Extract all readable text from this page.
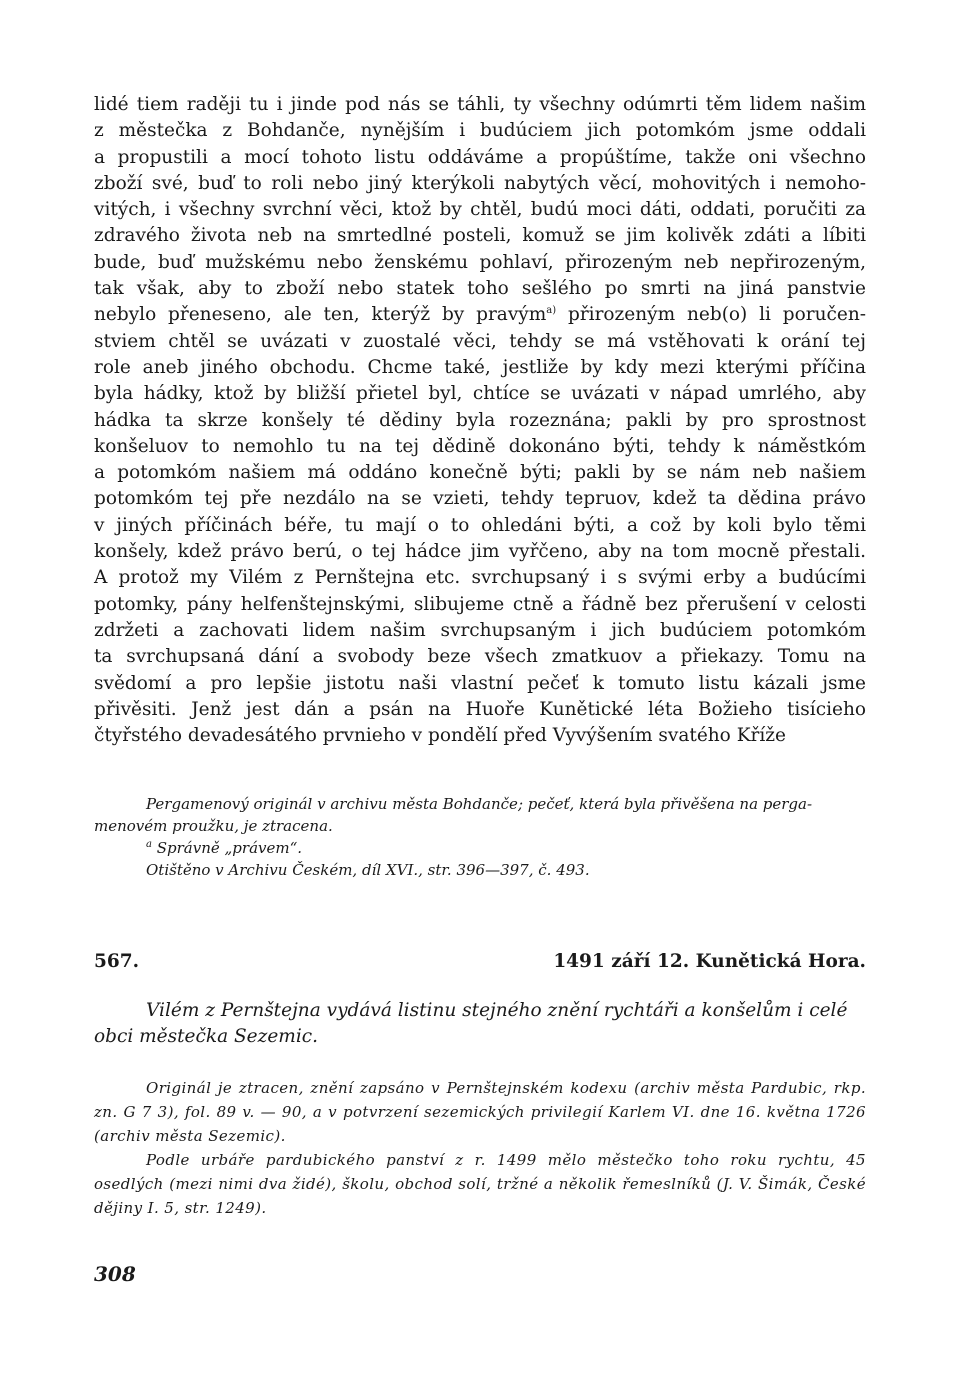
lidé tiem raději tu i jinde pod nás se táhli, ty všechny odúmrti těm lidem našim
z městečka z Bohdanče, nynějším i budúciem jich potomkóm jsme oddali
a propustili a mocí tohoto listu oddáváme a propúštíme, takže oni všechno
zboží své, buď to roli nebo jiný kterýkoli nabytých věcí, mohovitých i nemoho-
vitých, i všechny svrchní věci, ktož by chtěl, budú moci dáti, oddati, poručiti za
zdravého života neb na smrtedlné posteli, komuž se jim kolivěk zdáti a líbiti
bude, buď mužskému nebo ženskému pohlaví, přirozeným neb nepřirozeným,
tak však, aby to zboží nebo statek toho sešlého po smrti na jiná panstvie
nebylo přeneseno, ale ten, kterýž by pravým$^{a)}$ přirozeným neb(o) li poručen-
stviem chtěl se uvázati v zuostalé věci, tehdy se má vstěhovati k orání tej
role aneb jiného obchodu. Chcme také, jestliže by kdy mezi kterými příčina
byla hádky, ktož by bližší přietel byl, chtíce se uvázati v nápad umrlého, aby
hádka ta skrze konšely té dědiny byla rozeznána; pakli by pro sprostnost
konšeluov to nemohlo tu na tej dědině dokonáno býti, tehdy k náměstkóm
a potomkóm našiem má oddáno konečně býti; pakli by se nám neb našiem
potomkóm tej pře nezdálo na se vzieti, tehdy tepruov, kdež ta dědina právo
v jiných příčinách béře, tu mají o to ohledáni býti, a což by koli bylo těmi
konšely, kdež právo berú, o tej hádce jim vyřčeno, aby na tom mocně přestali.
A protož my Vilém z Pernštejna etc. svrchupsaný i s svými erby a budúcími
potomky, pány helfenštejnskými, slibujeme ctně a řádně bez přerušení v celosti
zdržeti a zachovati lidem našim svrchupsaným i jich budúciem potomkóm
ta svrchupsaná dání a svobody beze všech zmatkuov a přiekazy. Tomu na
svědomí a pro lepšie jistotu naši vlastní pečeť k tomuto listu kázali jsme
přivěsiti. Jenž jest dán a psán na Huoře Kunětické léta Božieho tisícieho
čtyřstého devadesátého prvnieho v pondělí před Vyvýšením svatého Kříže

Pergamenový originál v archivu města Bohdanče; pečeť, která byla přivěšena na perga-

menovém proužku, je ztracena.

$^a$ Správně „právem“.

Otištěno v Archivu Českém, díl XVI., str. 396—397, č. 493.

567.	1491 září 12. Kunětická Hora.

Vilém z Pernštejna vydává listinu stejného znění rychtáři a konšelům i celé obci městečka Sezemic.

Originál je ztracen, znění zapsáno v Pernštejnském kodexu (archiv města Pardubic, rkp. zn. G 7 3), fol. 89 v. — 90, a v potvrzení sezemických privilegií Karlem VI. dne 16. května 1726 (archiv města Sezemic).

Podle urbáře pardubického panství z r. 1499 mělo městečko toho roku rychtu, 45 osedlých (mezi nimi dva židé), školu, obchod solí, tržné a několik řemeslníků (J. V. Šimák, České dějiny I. 5, str. 1249).

308
